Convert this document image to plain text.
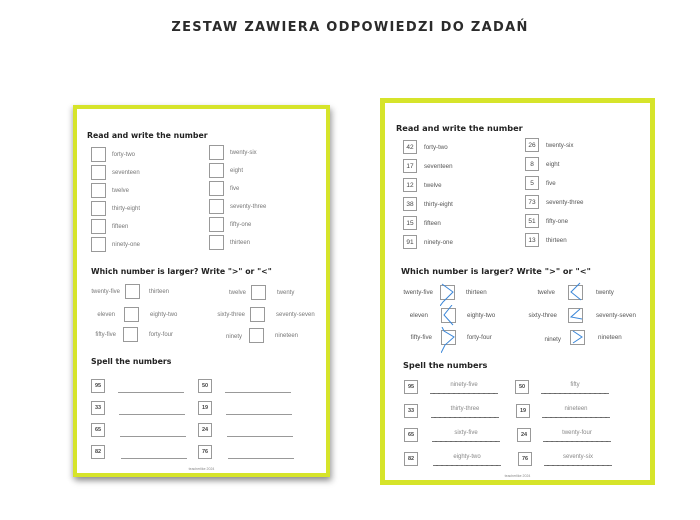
ZESTAW ZAWIERA ODPOWIEDZI DO ZADAŃ
Read and write the number
forty-two
seventeen
twelve
thirty-eight
fifteen
ninety-one
twenty-six
eight
five
seventy-three
fifty-one
thirteen
Which number is larger? Write ">" or "<"
twenty-five	thirteen	twelve	twenty
eleven	eighty-two	sixty-three	seventy-seven
fifty-five	forty-four	ninety	nineteen
Spell the numbers
95	50
33	19
65	24
82	76
teacherlike 2024
Read and write the number
42	forty-two
17	seventeen
12	twelve
38	thirty-eight
15	fifteen
91	ninety-one
26	twenty-six
8	eight
5	five
73	seventy-three
51	fifty-one
13	thirteen
Which number is larger? Write ">" or "<"
twenty-five	thirteen	twelve	twenty
eleven	eighty-two	sixty-three	seventy-seven
fifty-five	forty-four	ninety	nineteen
Spell the numbers
95	ninety-five	50	fifty
33	thirty-three	19	nineteen
65	sixty-five	24	twenty-four
82	eighty-two	76	seventy-six
teacherlike 2024
